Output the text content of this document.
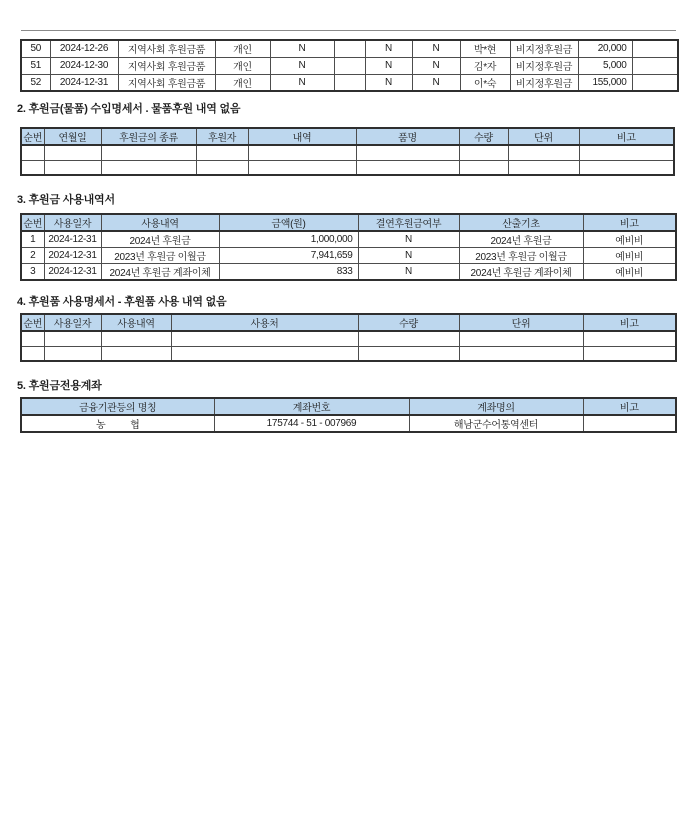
50	2024-12-26	지역사회 후원금품	개인	N		N	N	박*현	비지정후원금	20,000	
51	2024-12-30	지역사회 후원금품	개인	N		N	N	김*자	비지정후원금	5,000	
52	2024-12-31	지역사회 후원금품	개인	N		N	N	이*숙	비지정후원금	155,000	
2. 후원금(물품) 수입명세서 . 물품후원 내역 없음
순번	연월일	후원금의 종류	후원자	내역	품명	수량	단위	비고

3. 후원금 사용내역서
순번	사용일자	사용내역	금액(원)	결연후원금여부	산출기초	비고
1	2024-12-31	2024년 후원금	1,000,000	N	2024년 후원금	예비비
2	2024-12-31	2023년 후원금 이월금	7,941,659	N	2023년 후원금 이월금	예비비
3	2024-12-31	2024년 후원금 계좌이체	833	N	2024년 후원금 계좌이체	예비비
4. 후원품 사용명세서 - 후원품 사용 내역 없음
순번	사용일자	사용내역	사용처	수량	단위	비고

5. 후원금전용계좌
금융기관등의 명칭	계좌번호	계좌명의	비고
농          협	175744 - 51 - 007969	해남군수어통역센터	
